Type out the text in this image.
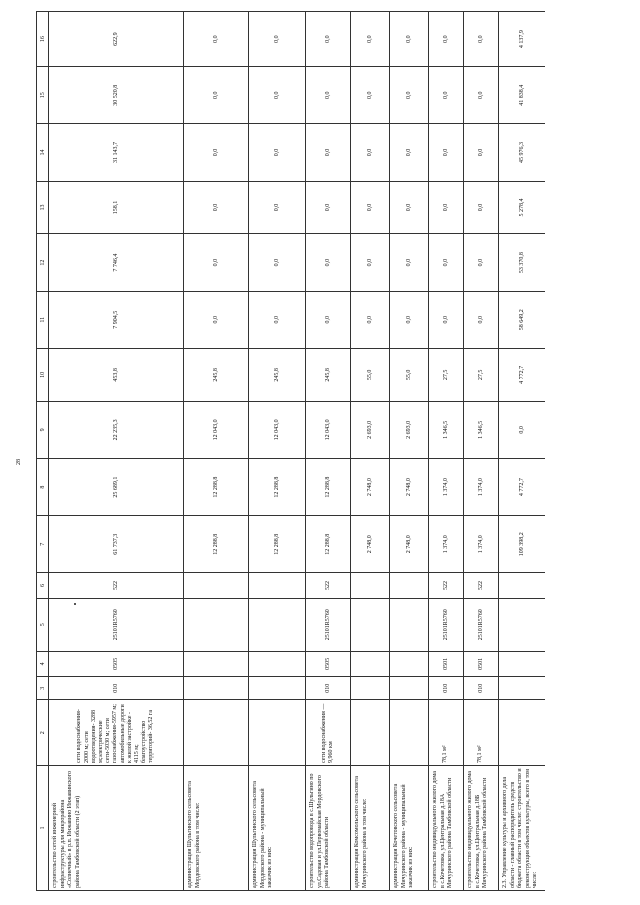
28
1	2	3	4	5	6	7	8	9	10	11	12	13	14	15	16
строительство сетей инженерной инфраструктуры для микрорайона «Солнечный» в р.п. Инжавино Инжавинского района Тамбовской области (2 этап)	сети водоснабжения- 2000 м; сети водоотведения- 3288 м;электрические сети-5030 м; сети газоснабжения-5957 м; автомобильные дороги к жилой застройке - 4115 м; благоустройство территорий- 36,52 га	010	0505	25101R5760	522	61 737,3	25 689,1	22 235,3	453,8	7 904,5	7 746,4	158,1	31 143,7	30 520,8	622,9
администрация Шульгинского сельсовета Мордовского района в том числе:						12 288,8	12 288,8	12 043,0	245,8	0,0	0,0	0,0	0,0	0,0	0,0
администрация Шульгинского сельсовета Мордовского района - муниципальный заказчик из них:						12 288,8	12 288,8	12 043,0	245,8	0,0	0,0	0,0	0,0	0,0	0,0
строительство водопровода в с.Шульгино по ул.Садовая и ул.Первомайская Мордовского района Тамбовской области	сети водоснабжения — 9,960 км	010	0505	25101R5760	522	12 288,8	12 288,8	12 043,0	245,8	0,0	0,0	0,0	0,0	0,0	0,0
администрация Комсомольского сельсовета Мичуринского района в том числе:						2 748,0	2 748,0	2 693,0	55,0	0,0	0,0	0,0	0,0	0,0	0,0
администрация Кочетовского сельсовета Мичуринского района - муниципальный заказчик из них:						2 748,0	2 748,0	2 693,0	55,0	0,0	0,0	0,0	0,0	0,0	0,0
строительство индивидуального жилого дома в с.Кочетовка, ул.Центральная д.18А Мичуринского района Тамбовской области	78,1 м²	010	0501	25101R5760	522	1 374,0	1 374,0	1 346,5	27,5	0,0	0,0	0,0	0,0	0,0	0,0
строительство индивидуального жилого дома в с.Кочетовка, ул.Центральная д.18Б Мичуринского района Тамбовской области	78,1 м²	010	0501	25101R5760	522	1 374,0	1 374,0	1 346,5	27,5	0,0	0,0	0,0	0,0	0,0	0,0
2.3. Управление культуры и архивного дела области - главный распорядитель средств бюджета области в том числе: строительство и реконструкция объектов культуры, всего в том числе:						109 398,2	4 772,7	0,0	4 772,7	58 649,2	53 370,8	5 278,4	45 976,3	41 838,4	4 137,9
